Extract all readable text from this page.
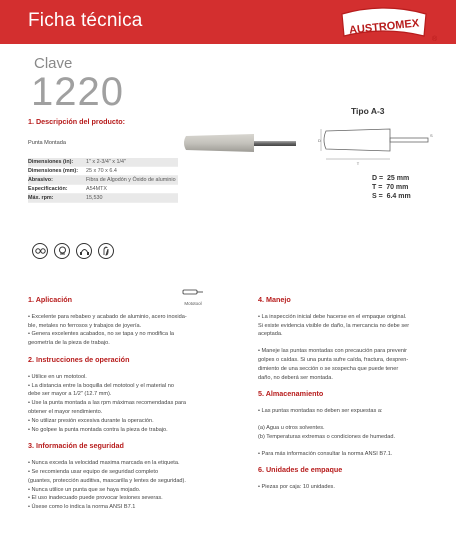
Ficha técnica	AUSTROMEX
®
Clave
1220
1. Descripción del producto:
Punta Montada
Dimensiones (in):	1" x 2-3/4" x 1/4"
Dimensiones (mm):	25 x 70 x 6.4
Abrasivo:	Fibra de Algodón y Óxido de aluminio
Especificación:	A54MTX
Máx. rpm:	15,530
Tipo A-3
T
D
S
D = 25 mm
T = 70 mm
S = 6.4 mm
Mototool
1. Aplicación

• Excelente para rebabeo y acabado de aluminio, acero inoxida-

ble, metales no ferrosos y trabajos de joyería.

• Genera excelentes acabados, no se tapa y no modifica la

geometría de la pieza de trabajo.

2. Instrucciones de operación

• Utilice en un mototool.

• La distancia entre la boquilla del mototool y el material no

debe ser mayor a 1/2" (12.7 mm).

• Use la punta montada a las rpm máximas recomendadas para

obtener el mayor rendimiento.

• No utilizar presión excesiva durante la operación.

• No golpee la punta montada contra la pieza de trabajo.

3. Información de seguridad

• Nunca exceda la velocidad maxima marcada en la etiqueta.

• Se recomienda usar equipo de seguridad completo

(guantes, protección auditiva, mascarilla y lentes de seguridad).

• Nunca utilice un punta que se haya mojado.

• El uso inadecuado puede provocar lesiones severas.

• Úsese como lo indica la norma ANSI B7.1

4. Manejo

• La inspección inicial debe hacerse en el empaque original.

Si existe evidencia visible de daño, la mercancia no debe ser

aceptada.

• Maneje las puntas montadas con precaución para prevenir

golpes o caídas. Si una punta sufre caída, fractura, despren-

dimiento de una sección o se sospecha que puede tener

daño, no deberá ser montada.

5. Almacenamiento

• Las puntas montadas no deben ser expuestas a:

(a) Agua u otros solventes.

(b) Temperaturas extremas o condiciones de humedad.

• Para más información consultar la norma ANSI B7.1.

6. Unidades de empaque

• Piezas por caja: 10 unidades.
